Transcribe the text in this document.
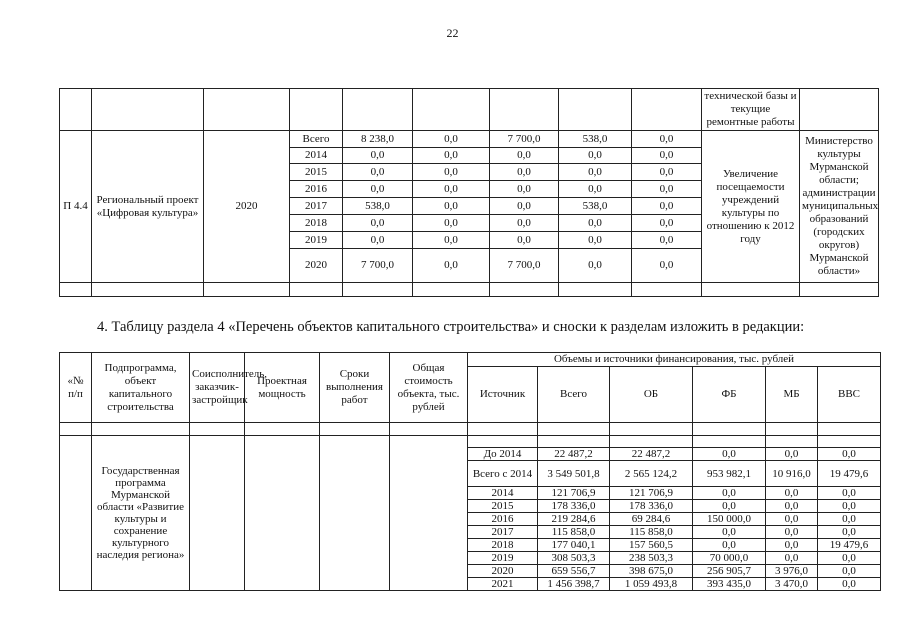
22
									технической базы и текущие ремонтные работы	
П 4.4	Региональный проект «Цифровая культура»	2020	Всего	8 238,0	0,0	7 700,0	538,0	0,0	Увеличение посещаемости учреждений культуры по отношению к 2012 году	Министерство культуры Мурманской области; администрации муниципальных образований (городских округов) Мурманской области»
			2014	0,0	0,0	0,0	0,0	0,0		
			2015	0,0	0,0	0,0	0,0	0,0		
			2016	0,0	0,0	0,0	0,0	0,0		
			2017	538,0	0,0	0,0	538,0	0,0		
			2018	0,0	0,0	0,0	0,0	0,0		
			2019	0,0	0,0	0,0	0,0	0,0		
			2020	7 700,0	0,0	7 700,0	0,0	0,0		

4. Таблицу раздела 4 «Перечень объектов капитального строительства» и сноски к разделам изложить в редакции:
«№ п/п	Подпрограмма, объект капитального строительства	Соисполнитель, заказчик-застройщик	Проектная мощность	Сроки выполнения работ	Общая стоимость объекта, тыс. рублей	Объемы и источники финансирования, тыс. рублей					
						Источник	Всего	ОБ	ФБ	МБ	ВВС

	Государственная программа Мурманской области «Развитие культуры и сохранение культурного наследия региона»										
						До 2014	22 487,2	22 487,2	0,0	0,0	0,0
						Всего с 2014	3 549 501,8	2 565 124,2	953 982,1	10 916,0	19 479,6
						2014	121 706,9	121 706,9	0,0	0,0	0,0
						2015	178 336,0	178 336,0	0,0	0,0	0,0
						2016	219 284,6	69 284,6	150 000,0	0,0	0,0
						2017	115 858,0	115 858,0	0,0	0,0	0,0
						2018	177 040,1	157 560,5	0,0	0,0	19 479,6
						2019	308 503,3	238 503,3	70 000,0	0,0	0,0
						2020	659 556,7	398 675,0	256 905,7	3 976,0	0,0
						2021	1 456 398,7	1 059 493,8	393 435,0	3 470,0	0,0
